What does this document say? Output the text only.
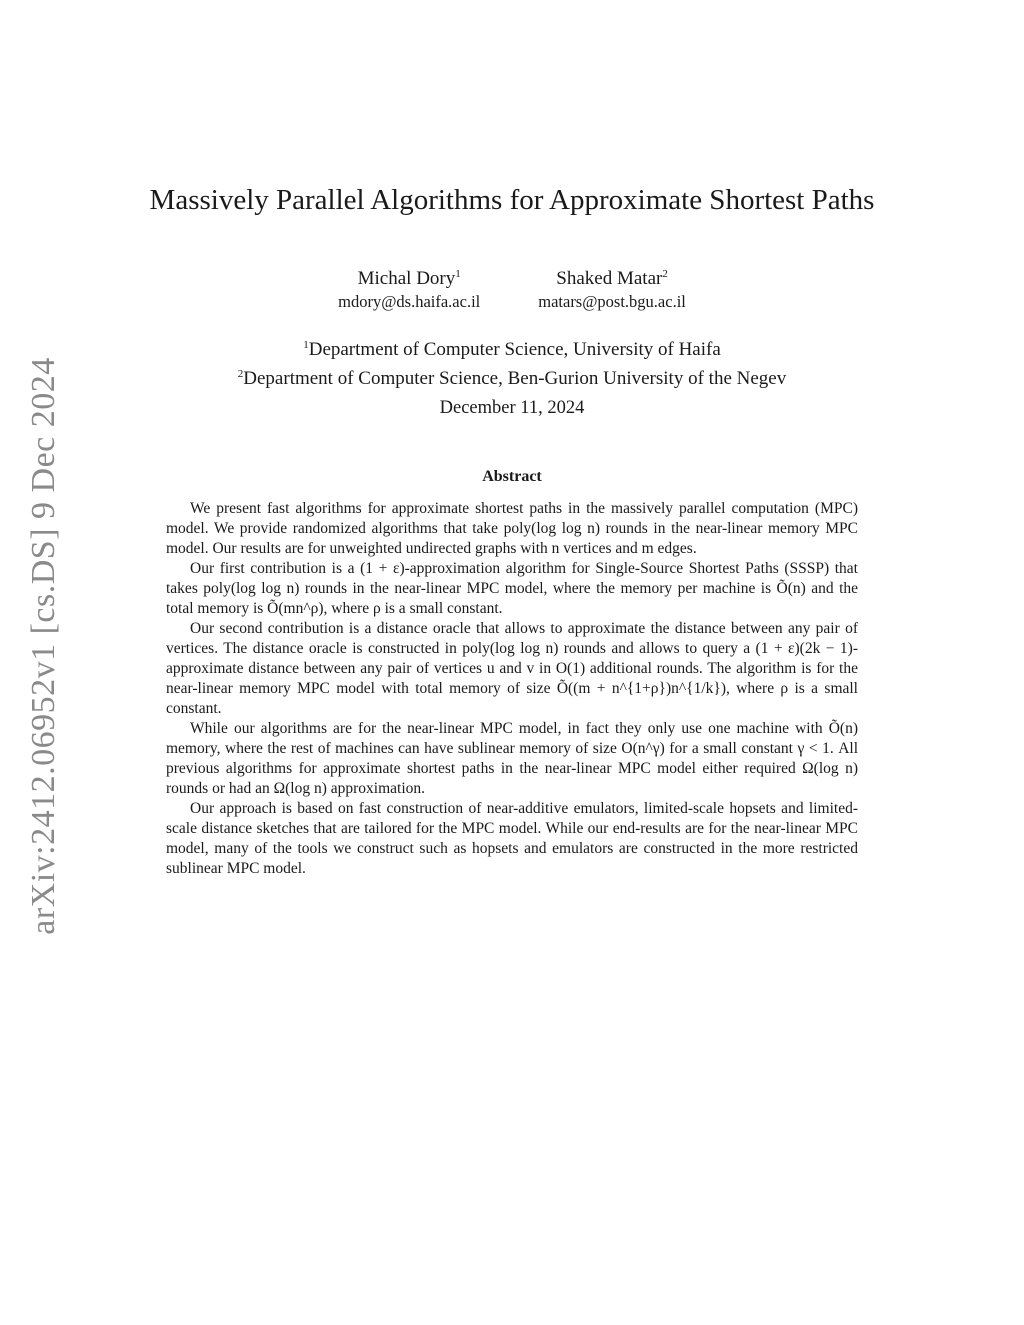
arXiv:2412.06952v1 [cs.DS] 9 Dec 2024
Massively Parallel Algorithms for Approximate Shortest Paths
Michal Dory$^1$
mdory@ds.haifa.ac.il
Shaked Matar$^2$
matars@post.bgu.ac.il
$^1$Department of Computer Science, University of Haifa
$^2$Department of Computer Science, Ben-Gurion University of the Negev
December 11, 2024
Abstract

We present fast algorithms for approximate shortest paths in the massively parallel computation (MPC) model. We provide randomized algorithms that take poly(log log n) rounds in the near-linear memory MPC model. Our results are for unweighted undirected graphs with n vertices and m edges.

Our first contribution is a (1 + ε)-approximation algorithm for Single-Source Shortest Paths (SSSP) that takes poly(log log n) rounds in the near-linear MPC model, where the memory per machine is Õ(n) and the total memory is Õ(mn^ρ), where ρ is a small constant.

Our second contribution is a distance oracle that allows to approximate the distance between any pair of vertices. The distance oracle is constructed in poly(log log n) rounds and allows to query a (1 + ε)(2k − 1)-approximate distance between any pair of vertices u and v in O(1) additional rounds. The algorithm is for the near-linear memory MPC model with total memory of size Õ((m + n^{1+ρ})n^{1/k}), where ρ is a small constant.

While our algorithms are for the near-linear MPC model, in fact they only use one machine with Õ(n) memory, where the rest of machines can have sublinear memory of size O(n^γ) for a small constant γ < 1. All previous algorithms for approximate shortest paths in the near-linear MPC model either required Ω(log n) rounds or had an Ω(log n) approximation.

Our approach is based on fast construction of near-additive emulators, limited-scale hopsets and limited-scale distance sketches that are tailored for the MPC model. While our end-results are for the near-linear MPC model, many of the tools we construct such as hopsets and emulators are constructed in the more restricted sublinear MPC model.
